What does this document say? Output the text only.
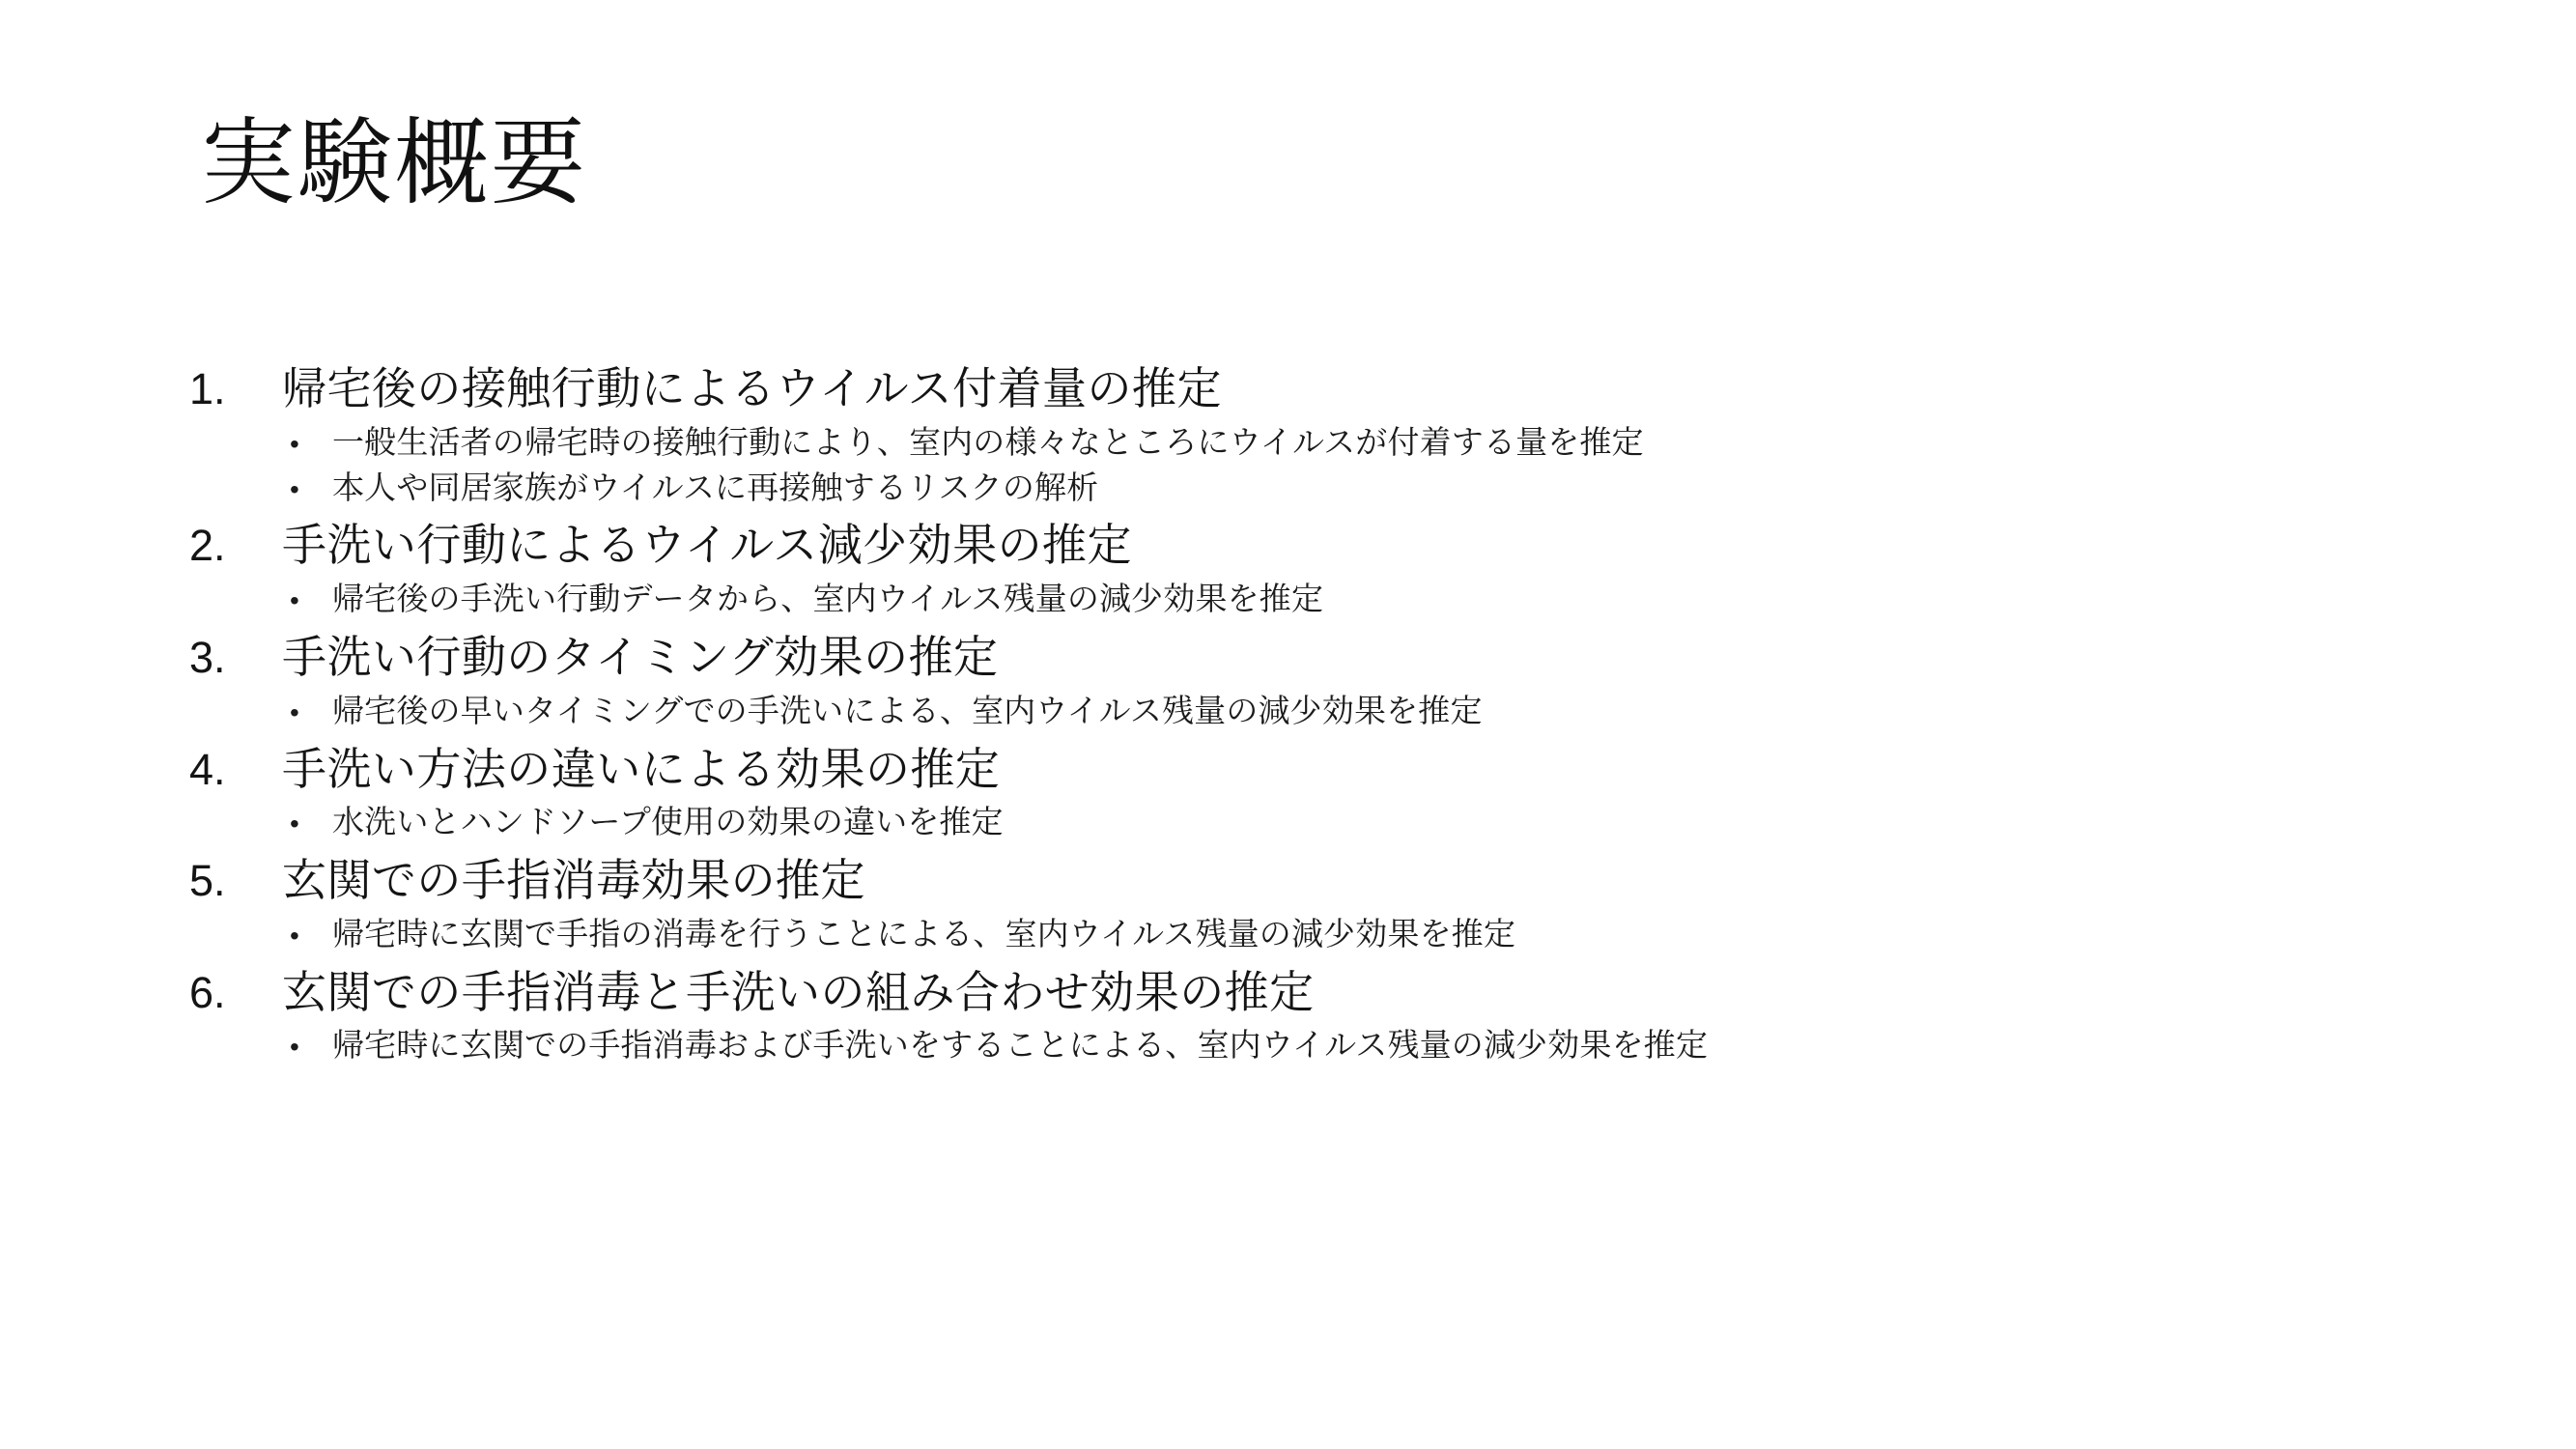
実験概要
1.	帰宅後の接触行動によるウイルス付着量の推定
•	一般生活者の帰宅時の接触行動により、室内の様々なところにウイルスが付着する量を推定
•	本人や同居家族がウイルスに再接触するリスクの解析
2.	手洗い行動によるウイルス減少効果の推定
•	帰宅後の手洗い行動データから、室内ウイルス残量の減少効果を推定
3.	手洗い行動のタイミング効果の推定
•	帰宅後の早いタイミングでの手洗いによる、室内ウイルス残量の減少効果を推定
4.	手洗い方法の違いによる効果の推定
•	水洗いとハンドソープ使用の効果の違いを推定
5.	玄関での手指消毒効果の推定
•	帰宅時に玄関で手指の消毒を行うことによる、室内ウイルス残量の減少効果を推定
6.	玄関での手指消毒と手洗いの組み合わせ効果の推定
•	帰宅時に玄関での手指消毒および手洗いをすることによる、室内ウイルス残量の減少効果を推定
